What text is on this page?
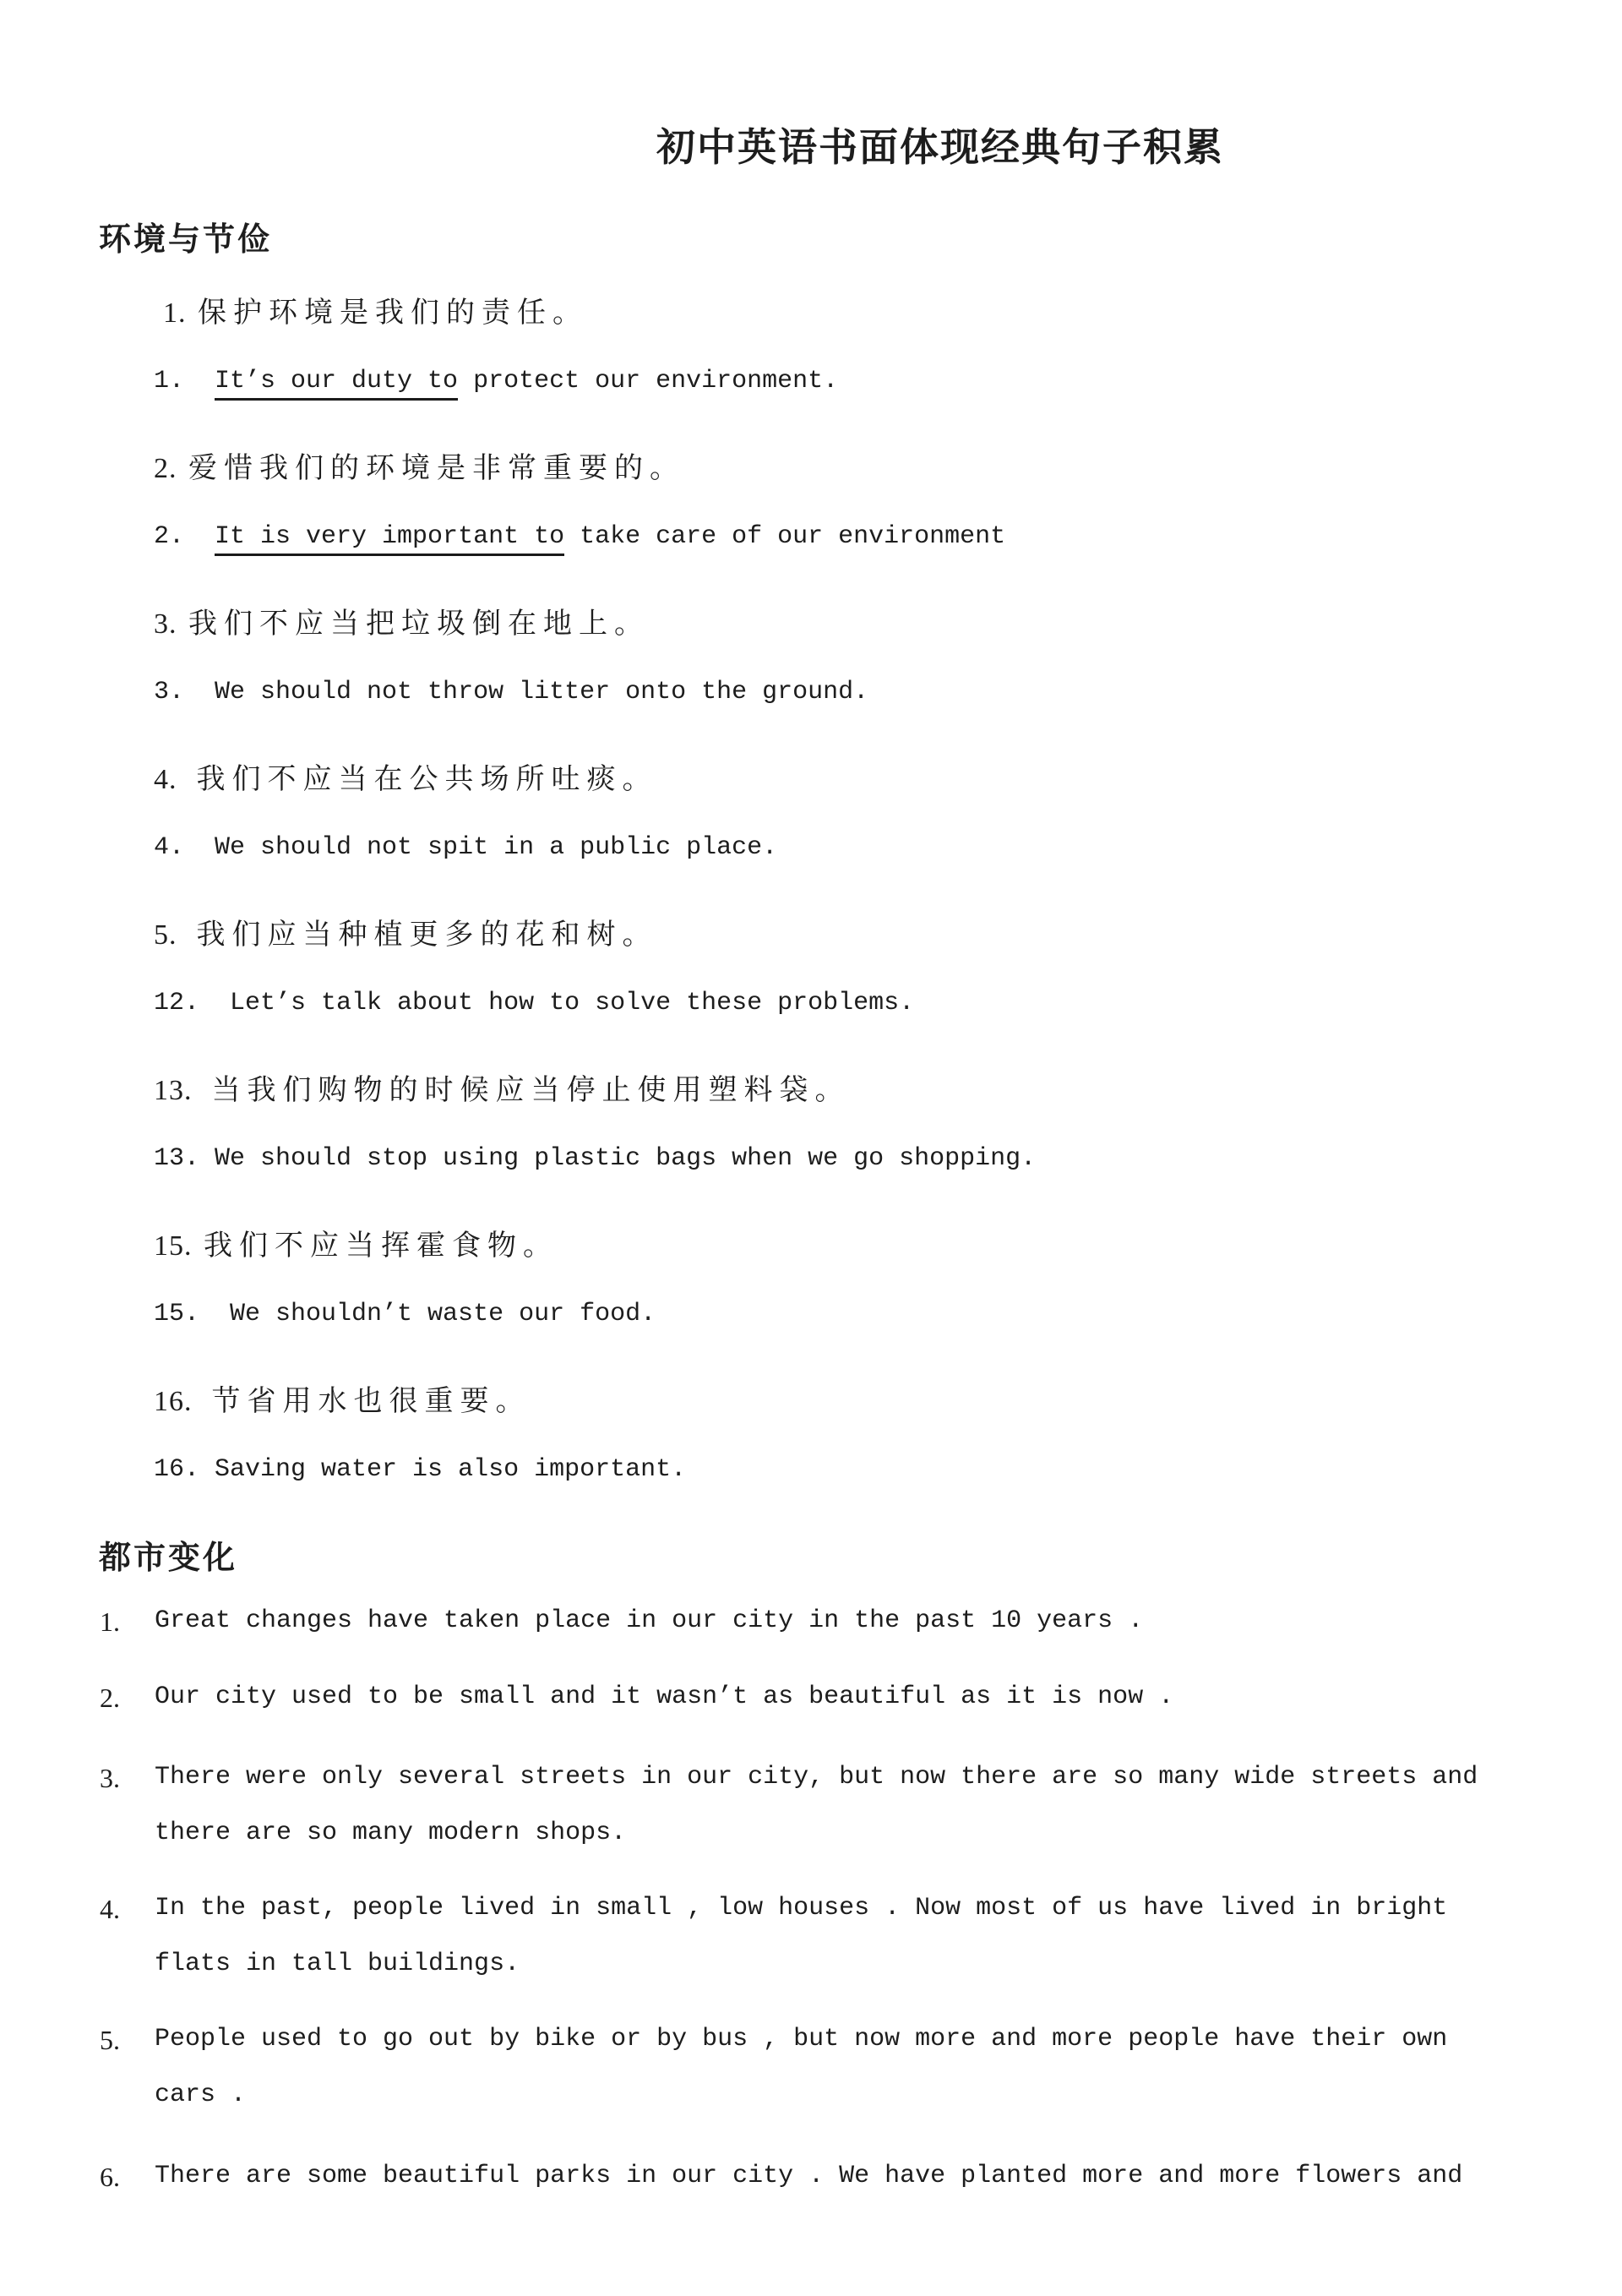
初中英语书面体现经典句子积累
环境与节俭
都市变化
1. 保护环境是我们的责任。
1.  It’s our duty to protect our environment.
2. 爱惜我们的环境是非常重要的。
2.  It is very important to take care of our environment
3. 我们不应当把垃圾倒在地上。
3.  We should not throw litter onto the ground.
4.  我们不应当在公共场所吐痰。
4.  We should not spit in a public place.
5.  我们应当种植更多的花和树。
12.  Let’s talk about how to solve these problems.
13.  当我们购物的时候应当停止使用塑料袋。
13. We should stop using plastic bags when we go shopping.
15. 我们不应当挥霍食物。
15.  We shouldn’t waste our food.
16.  节省用水也很重要。
16. Saving water is also important.
1. Great changes have taken place in our city in the past 10 years .
2. Our city used to be small and it wasn’t as beautiful as it is now .
3. There were only several streets in our city, but now there are so many wide streets and
there are so many modern shops.
4. In the past, people lived in small , low houses . Now most of us have lived in bright
flats in tall buildings.
5. People used to go out by bike or by bus , but now more and more people have their own
cars .
6. There are some beautiful parks in our city . We have planted more and more flowers and
